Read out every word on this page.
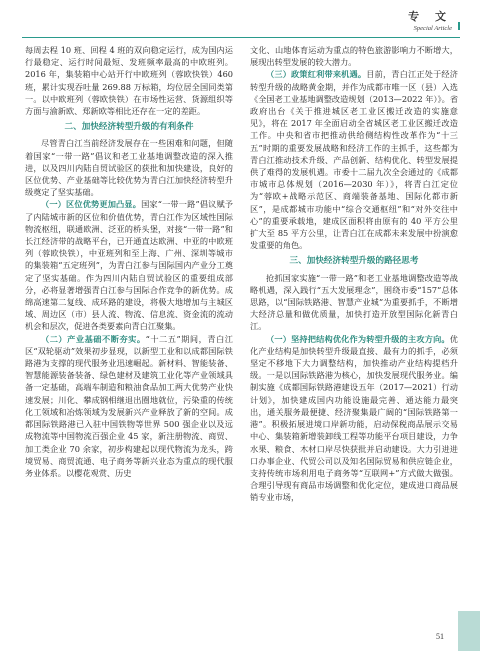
专 文
Special Article

每周去程 10 班、回程 4 班的双向稳定运行，成为国内运行最稳定、运行时间最短、发班频率最高的中欧班列。2016 年，集装箱中心站开行中欧班列（蓉欧快铁）460 班，累计实现吞吐量 269.88 万标箱，均位居全国同类第一。以中欧班列（蓉欧快铁）在市场性运营、货源组织等方面与渝新欧、郑新欧等相比还存在一定的差距。

二、加快经济转型升级的有利条件

尽管青白江当前经济发展存在一些困难和问题，但随着国家“一带一路”倡议和老工业基地调整改造的深入推进，以及四川内陆自贸试验区的获批和加快建设，良好的区位优势、产业基础等比较优势为青白江加快经济转型升级奠定了坚实基础。

（一）区位优势更加凸显。国家“一带一路”倡议赋予了内陆城市新的区位和价值优势，青白江作为区域性国际物流枢纽，联通欧洲、泛亚的桥头堡，对接“一带一路”和长江经济带的战略平台，已开通直达欧洲、中亚的中欧班列（蓉欧快铁），中亚班列和至上海、广州、深圳等城市的集装箱“五定班列”，为青白江参与国际国内产业分工奠定了坚实基础。作为四川内陆自贸试验区的重要组成部分，必将显著增强青白江参与国际合作竞争的新优势。成绵高速第二复线、成环路的建设，将极大地增加与主城区域、周边区（市）县人流、物流、信息流、资金流的流动机会和层次，促进各类要素向青白江聚集。

（二）产业基础不断夯实。“十二五”期间，青白江区“双轮驱动”效果初步显现，以新型工业和以成都国际铁路港为支撑的现代服务业迅速崛起。新材料、智能装备、智慧能源装备装备、绿色建材及建筑工业化等产业领域具备一定基础，高端车制造和粮油食品加工两大优势产业快速发展；川化、攀成钢相继退出圈地就位，污染重的传统化工领域和冶炼领域为发展新兴产业释放了新的空间。成都国际铁路港已入驻中国铁物等世界 500 强企业以及远成物流等中国物流百强企业 45 家，新注册物流、商贸、加工类企业 70 余家，初步构建起以现代物流为龙头，跨境贸易、商贸流通、电子商务等新兴业态为重点的现代服务业体系。以樱花观赏、历史

文化、山地体育运动为重点的特色旅游影响力不断增大，展现出转型发展的较大潜力。

（三）政策红利带来机遇。目前，青白江正处于经济转型升级的战略黄金期，并作为成都市唯一区（县）入选《全国老工业基地调整改造规划（2013—2022 年）》。省政府出台《关于推进城区老工业区搬迁改造的实施意见》，将在 2017 年全面启动全省城区老工业区搬迁改造工作。中央和省市把推动供给侧结构性改革作为“十三五”时期的重要发展战略和经济工作的主抓手，这些都为青白江推动技术升级、产品创新、结构优化、转型发展提供了难得的发展机遇。市委十二届九次全会通过的《成都市城市总体规划（2016—2030 年）》，将青白江定位为“蓉欧+战略示范区、商端装备基地、国际化都市新区”，是成都城市功能中“综合交通枢纽”和“对外交往中心”的重要承载地，建成区面积将由原有的 40 平方公里扩大至 85 平方公里，让青白江在成都未来发展中扮演愈发重要的角色。

三、加快经济转型升级的路径思考

抢抓国家实施“一带一路”和老工业基地调整改造等战略机遇，深入践行“五大发展理念”，围绕市委“157”总体思路，以“国际铁路港、智慧产业城”为重要抓手，不断增大经济总量和做优质量，加快打造开放型国际化新青白江。

（一）坚持把结构优化作为转型升级的主攻方向。优化产业结构是加快转型升级最直接、最有力的抓手，必须坚定不移地下大力调整结构，加快推动产业结构提档升级。一是以国际铁路港为核心，加快发展现代服务业。编制实施《成都国际铁路港建设五年（2017—2021）行动计划》，加快建成国内功能设施最完善、通达能力最突出，通关服务最便捷、经济聚集最广阔的“国际铁路第一港”。积极拓展进境口岸新功能，启动保税商品展示交易中心、集装箱新增装卸线工程等功能平台项目建设，力争水果、粮食、木材口岸尽快获批并启动建设。大力引进进口办事企业、代贸公司以及知名国际贸易和供应链企业，支持传统市场利用电子商务等“互联网+”方式做大做强。合理引导现有商品市场调整和优化定位，建成进口商品展销专业市场，

51
